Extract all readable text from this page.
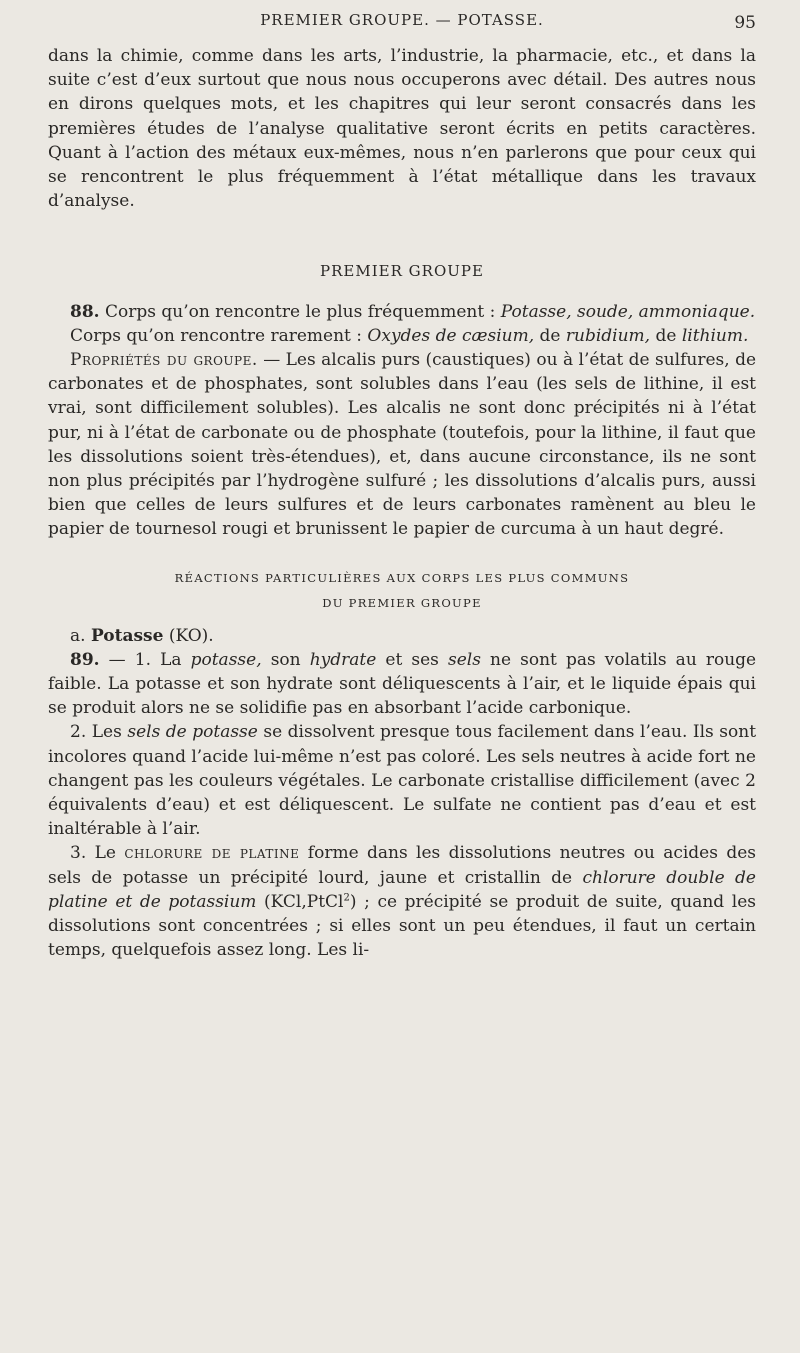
PREMIER GROUPE. — POTASSE.	95

dans la chimie, comme dans les arts, l’industrie, la pharmacie, etc., et dans la suite c’est d’eux surtout que nous nous occuperons avec détail. Des autres nous en dirons quelques mots, et les chapitres qui leur seront consacrés dans les premières études de l’analyse qualitative seront écrits en petits caractères. Quant à l’action des métaux eux-mêmes, nous n’en parlerons que pour ceux qui se rencontrent le plus fréquemment à l’état métallique dans les travaux d’analyse.

PREMIER GROUPE

88. Corps qu’on rencontre le plus fréquemment : Potasse, soude, ammoniaque.

Corps qu’on rencontre rarement : Oxydes de cæsium, de rubidium, de lithium.

Propriétés du groupe. — Les alcalis purs (caustiques) ou à l’état de sulfures, de carbonates et de phosphates, sont solubles dans l’eau (les sels de lithine, il est vrai, sont difficilement solubles). Les alcalis ne sont donc précipités ni à l’état pur, ni à l’état de carbonate ou de phosphate (toutefois, pour la lithine, il faut que les dissolutions soient très-étendues), et, dans aucune circonstance, ils ne sont non plus précipités par l’hydrogène sulfuré ; les dissolutions d’alcalis purs, aussi bien que celles de leurs sulfures et de leurs carbonates ramènent au bleu le papier de tournesol rougi et brunissent le papier de curcuma à un haut degré.

RÉACTIONS PARTICULIÈRES AUX CORPS LES PLUS COMMUNS
DU PREMIER GROUPE

a. Potasse (KO).

89. — 1. La potasse, son hydrate et ses sels ne sont pas volatils au rouge faible. La potasse et son hydrate sont déliquescents à l’air, et le liquide épais qui se produit alors ne se solidifie pas en absorbant l’acide carbonique.

2. Les sels de potasse se dissolvent presque tous facilement dans l’eau. Ils sont incolores quand l’acide lui-même n’est pas coloré. Les sels neutres à acide fort ne changent pas les couleurs végétales. Le carbonate cristallise difficilement (avec 2 équivalents d’eau) et est déliquescent. Le sulfate ne contient pas d’eau et est inaltérable à l’air.

3. Le chlorure de platine forme dans les dissolutions neutres ou acides des sels de potasse un précipité lourd, jaune et cristallin de chlorure double de platine et de potassium (KCl,PtCl$^2$) ; ce précipité se produit de suite, quand les dissolutions sont concentrées ; si elles sont un peu étendues, il faut un certain temps, quelquefois assez long. Les li-
